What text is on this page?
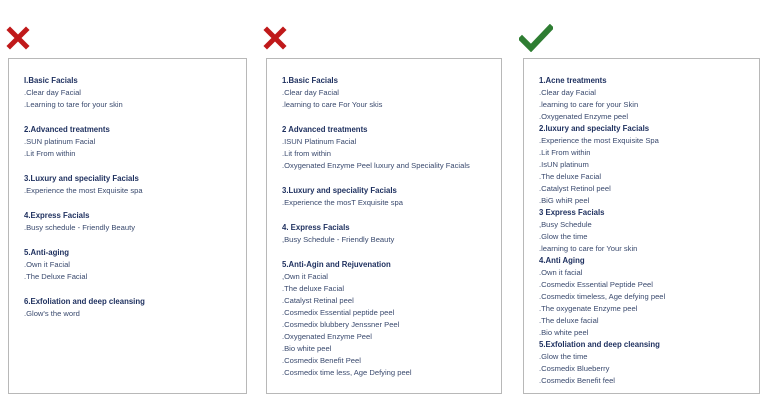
I.Basic Facials
.Clear day Facial
.Learning to tare for your skin
2.Advanced treatments
.SUN platinum Facial
.Lit From within
3.Luxury and speciality Facials
.Experience the most Exquisite spa
4.Express Facials
.Busy schedule - Friendly Beauty
5.Anti-aging
.Own it Facial
.The Deluxe Facial
6.Exfoliation and deep cleansing
.Glow's the word
1.Basic Facials
.Clear day Facial
.learning to care For Your skis
2 Advanced treatments
.ISUN Platinum Facial
.Lit from within
.Oxygenated Enzyme Peel luxury and Speciality Facials
3.Luxury and speciality Facials
.Experience the mosT Exquisite spa
4. Express Facials
,Busy Schedule - Friendly Beauty
5.Anti-Agin and Rejuvenation
,Own it Facial
.The deluxe Facial
.Catalyst Retinal peel
.Cosmedix Essential peptide peel
.Cosmedix blubbery Jenssner Peel
.Oxygenated Enzyme Peel
.Bio white peel
.Cosmedix Benefit Peel
.Cosmedix time less, Age Defying peel
1.Acne treatments
.Clear day Facial
.learning to care for your Skin
.Oxygenated Enzyme peel
2.luxury and specialty Facials
.Experience the most Exquisite Spa
.Lit From within
.IsUN platinum
.The deluxe Facial
.Catalyst Retinol peel
.BiG whiR peel
3 Express Facials
,Busy Schedule
.Glow the time
.learning to care for Your skin
4.Anti Aging
.Own it facial
.Cosmedix Essential Peptide Peel
.Cosmedix timeless, Age defying peel
.The oxygenate Enzyme peel
.The deluxe facial
.Bio white peel
5.Exfoliation and deep cleansing
.Glow the time
.Cosmedix Blueberry
.Cosmedix Benefit feel
